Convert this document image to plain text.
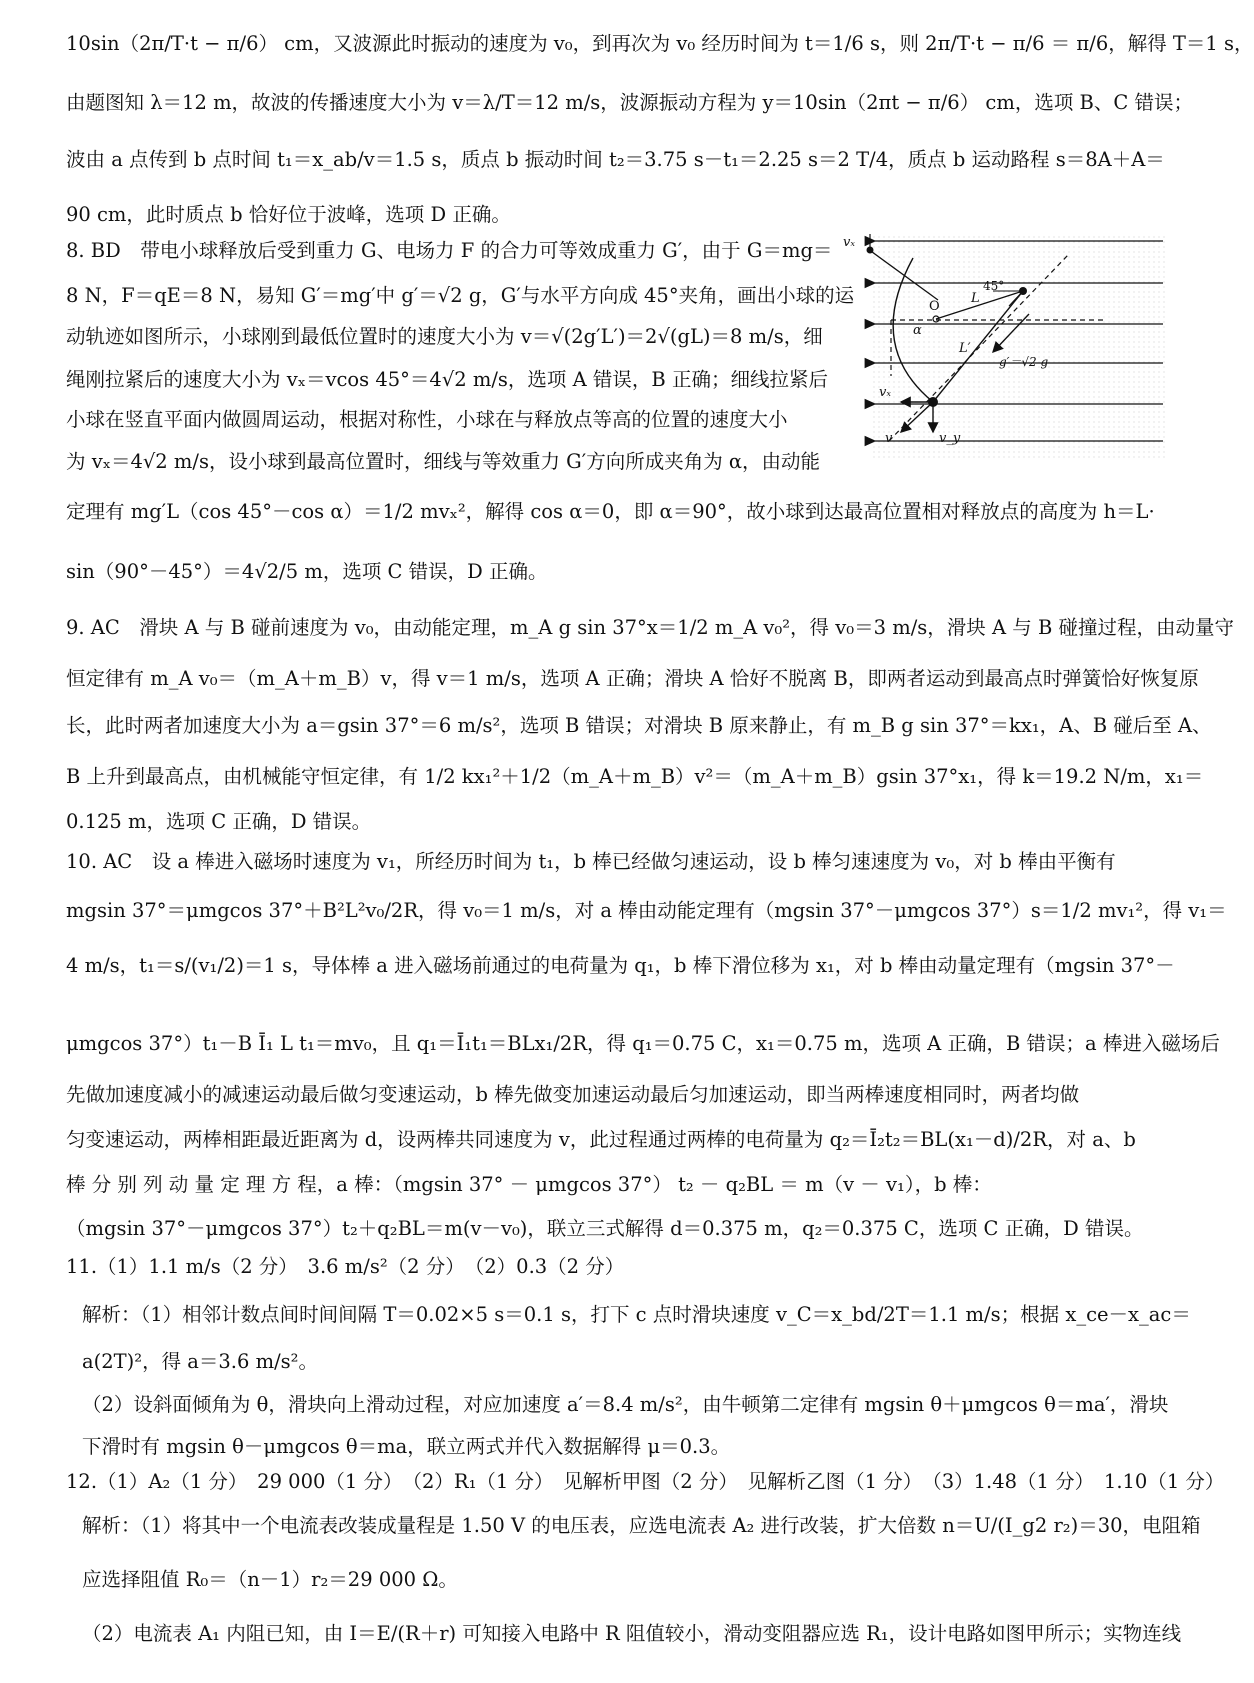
10sin（2π/T·t − π/6） cm，又波源此时振动的速度为 v₀，到再次为 v₀ 经历时间为 t＝1/6 s，则 2π/T·t − π/6 ＝ π/6，解得 T＝1 s，
由题图知 λ＝12 m，故波的传播速度大小为 v＝λ/T＝12 m/s，波源振动方程为 y＝10sin（2πt − π/6） cm，选项 B、C 错误；
波由 a 点传到 b 点时间 t₁＝x_ab/v＝1.5 s，质点 b 振动时间 t₂＝3.75 s－t₁＝2.25 s＝2 T/4，质点 b 运动路程 s＝8A＋A＝
90 cm，此时质点 b 恰好位于波峰，选项 D 正确。
8. BD　带电小球释放后受到重力 G、电场力 F 的合力可等效成重力 G′，由于 G＝mg＝
8 N，F＝qE＝8 N，易知 G′＝mg′中 g′＝√2 g，G′与水平方向成 45°夹角，画出小球的运
动轨迹如图所示，小球刚到最低位置时的速度大小为 v＝√(2g′L′)＝2√(gL)＝8 m/s，细
绳刚拉紧后的速度大小为 vₓ＝vcos 45°＝4√2 m/s，选项 A 错误，B 正确；细线拉紧后
小球在竖直平面内做圆周运动，根据对称性，小球在与释放点等高的位置的速度大小
为 vₓ＝4√2 m/s，设小球到最高位置时，细线与等效重力 G′方向所成夹角为 α，由动能
定理有 mg′L（cos 45°－cos α）＝1/2 mvₓ²，解得 cos α＝0，即 α＝90°，故小球到达最高位置相对释放点的高度为 h＝L·
sin（90°－45°）＝4√2/5 m，选项 C 错误，D 正确。
9. AC　滑块 A 与 B 碰前速度为 v₀，由动能定理，m_A g sin 37°x＝1/2 m_A v₀²，得 v₀＝3 m/s，滑块 A 与 B 碰撞过程，由动量守
恒定律有 m_A v₀＝（m_A＋m_B）v，得 v＝1 m/s，选项 A 正确；滑块 A 恰好不脱离 B，即两者运动到最高点时弹簧恰好恢复原
长，此时两者加速度大小为 a＝gsin 37°＝6 m/s²，选项 B 错误；对滑块 B 原来静止，有 m_B g sin 37°＝kx₁，A、B 碰后至 A、
B 上升到最高点，由机械能守恒定律，有 1/2 kx₁²＋1/2（m_A＋m_B）v²＝（m_A＋m_B）gsin 37°x₁，得 k＝19.2 N/m，x₁＝
0.125 m，选项 C 正确，D 错误。
10. AC　设 a 棒进入磁场时速度为 v₁，所经历时间为 t₁，b 棒已经做匀速运动，设 b 棒匀速速度为 v₀，对 b 棒由平衡有
mgsin 37°＝μmgcos 37°＋B²L²v₀/2R，得 v₀＝1 m/s，对 a 棒由动能定理有（mgsin 37°－μmgcos 37°）s＝1/2 mv₁²，得 v₁＝
4 m/s，t₁＝s/(v₁/2)＝1 s，导体棒 a 进入磁场前通过的电荷量为 q₁，b 棒下滑位移为 x₁，对 b 棒由动量定理有（mgsin 37°－
μmgcos 37°）t₁－B Ī₁ L t₁＝mv₀，且 q₁＝Ī₁t₁＝BLx₁/2R，得 q₁＝0.75 C，x₁＝0.75 m，选项 A 正确，B 错误；a 棒进入磁场后
先做加速度减小的减速运动最后做匀变速运动，b 棒先做变加速运动最后匀加速运动，即当两棒速度相同时，两者均做
匀变速运动，两棒相距最近距离为 d，设两棒共同速度为 v，此过程通过两棒的电荷量为 q₂＝Ī₂t₂＝BL(x₁－d)/2R，对 a、b
棒 分 别 列 动 量 定 理 方 程，a 棒：（mgsin 37° － μmgcos 37°） t₂ － q₂BL ＝ m（v － v₁），b 棒：
（mgsin 37°－μmgcos 37°）t₂＋q₂BL＝m(v－v₀)，联立三式解得 d＝0.375 m，q₂＝0.375 C，选项 C 正确，D 错误。
11.（1）1.1 m/s（2 分）　3.6 m/s²（2 分）　（2）0.3（2 分）
解析：（1）相邻计数点间时间间隔 T＝0.02×5 s＝0.1 s，打下 c 点时滑块速度 v_C＝x_bd/2T＝1.1 m/s；根据 x_ce－x_ac＝
a(2T)²，得 a＝3.6 m/s²。
（2）设斜面倾角为 θ，滑块向上滑动过程，对应加速度 a′＝8.4 m/s²，由牛顿第二定律有 mgsin θ＋μmgcos θ＝ma′，滑块
下滑时有 mgsin θ－μmgcos θ＝ma，联立两式并代入数据解得 μ＝0.3。
12.（1）A₂（1 分）　29 000（1 分）　（2）R₁（1 分）　见解析甲图（2 分）　见解析乙图（1 分）　（3）1.48（1 分）　1.10（1 分）
解析：（1）将其中一个电流表改装成量程是 1.50 V 的电压表，应选电流表 A₂ 进行改装，扩大倍数 n＝U/(I_g2 r₂)＝30，电阻箱
应选择阻值 R₀＝（n－1）r₂＝29 000 Ω。
（2）电流表 A₁ 内阻已知，由 I＝E/(R＋r) 可知接入电路中 R 阻值较小，滑动变阻器应选 R₁，设计电路如图甲所示；实物连线
vₓ
O
α
L
45°
L′
g′＝√2 g
vₓ
v	v_y
